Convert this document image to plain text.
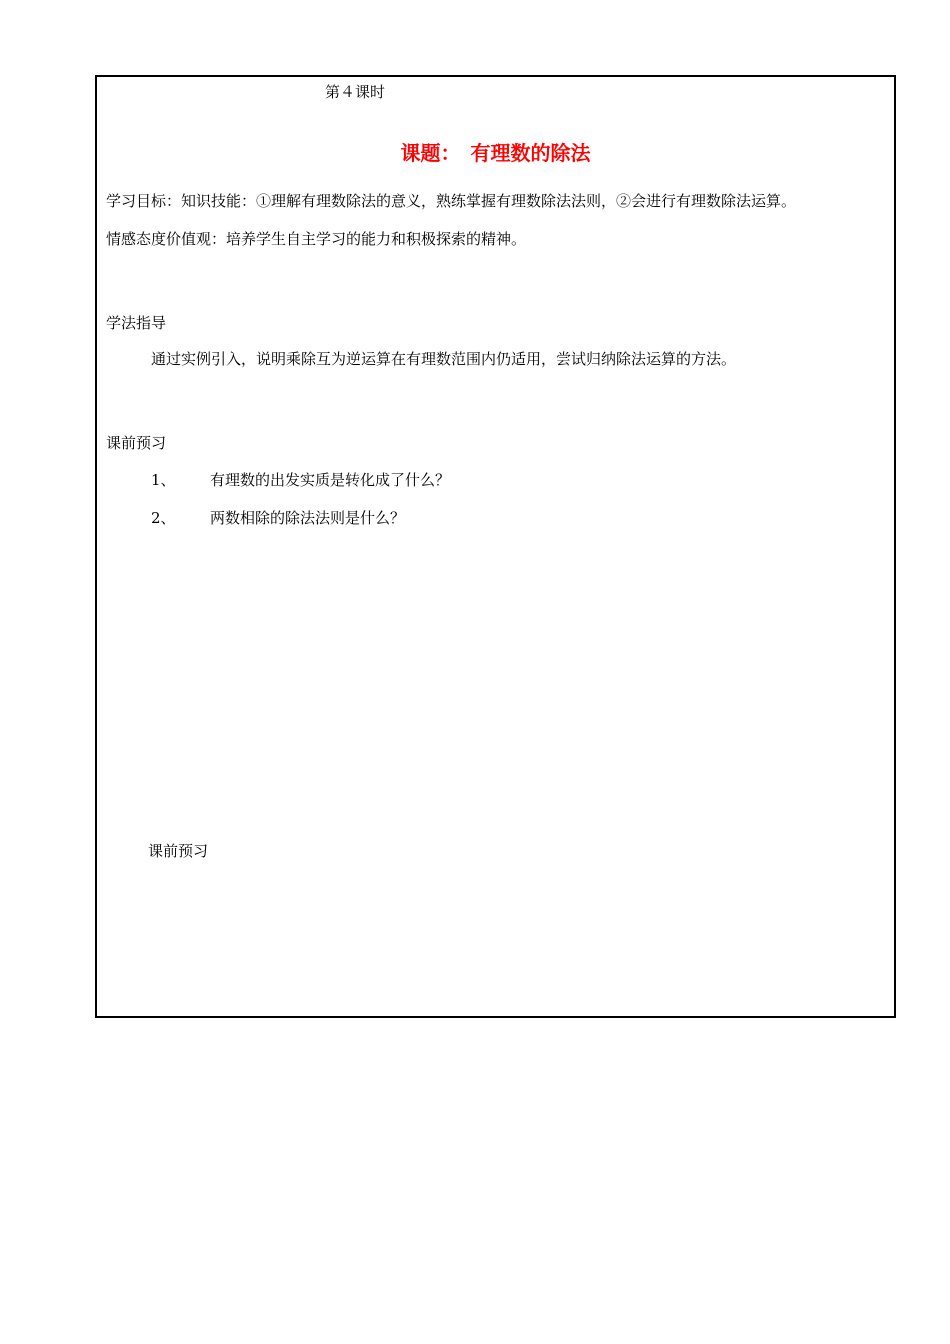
第４课时
课题：　有理数的除法
学习目标：知识技能：①理解有理数除法的意义，熟练掌握有理数除法法则，②会进行有理数除法运算。
情感态度价值观：培养学生自主学习的能力和积极探索的精神。
学法指导
通过实例引入，说明乘除互为逆运算在有理数范围内仍适用，尝试归纳除法运算的方法。
课前预习
1、 有理数的出发实质是转化成了什么？
2、 两数相除的除法法则是什么？
课前预习
